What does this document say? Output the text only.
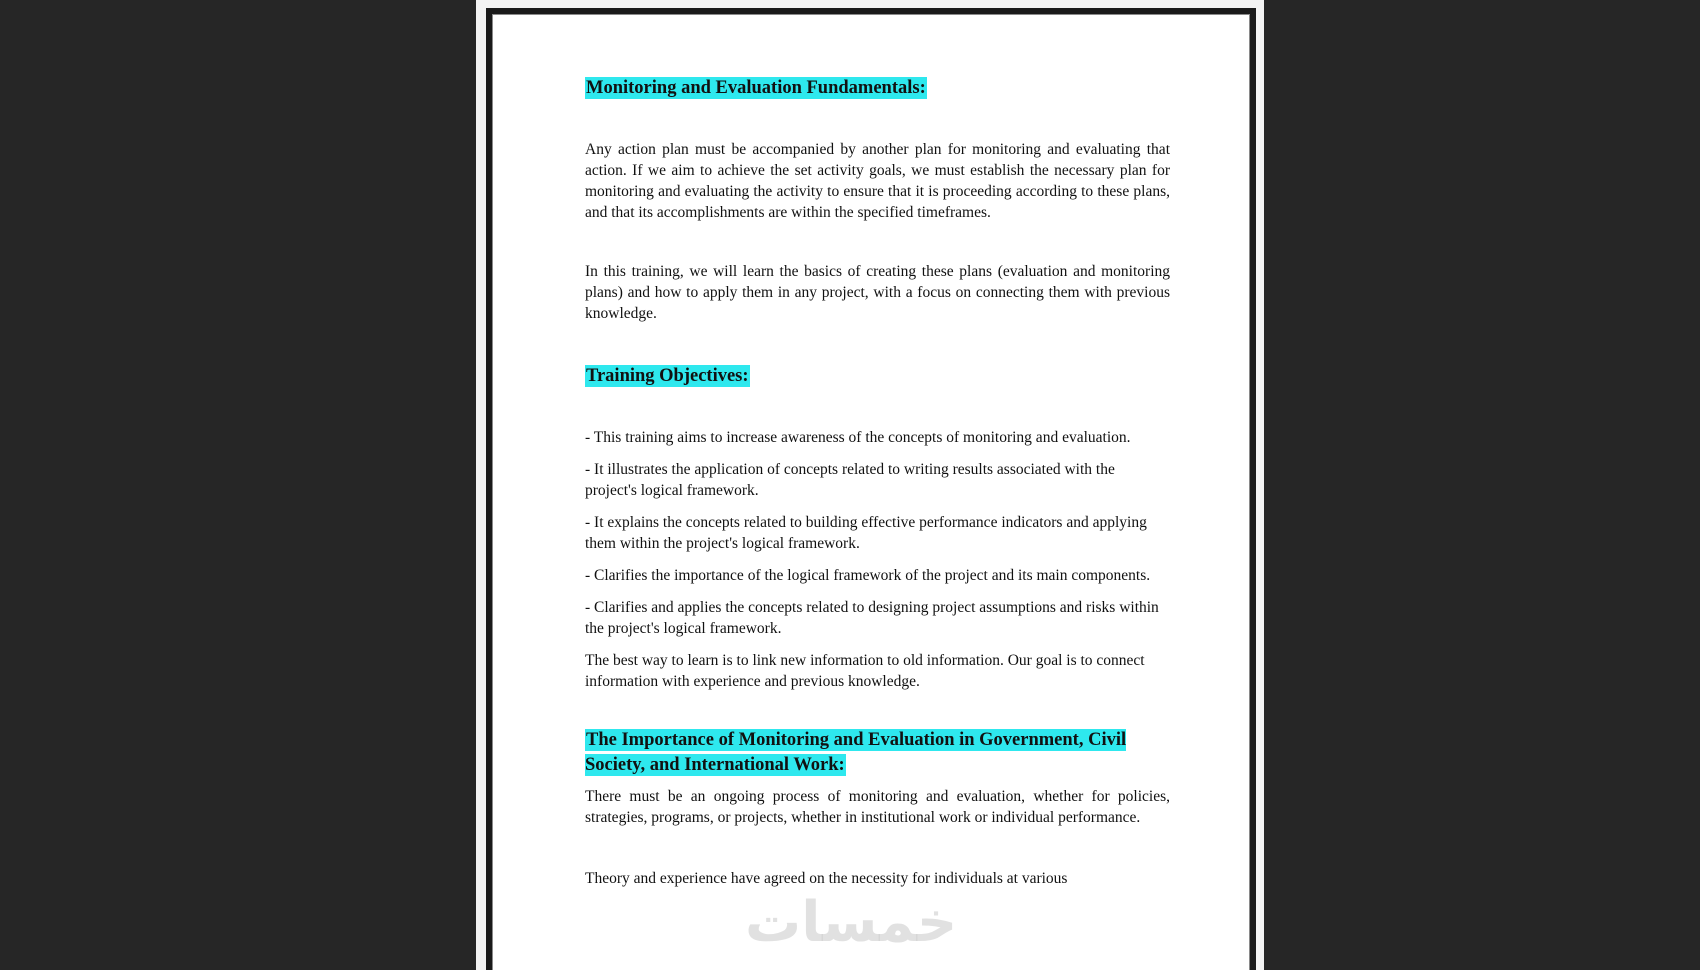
Monitoring and Evaluation Fundamentals:

Any action plan must be accompanied by another plan for monitoring and evaluating that action. If we aim to achieve the set activity goals, we must establish the necessary plan for monitoring and evaluating the activity to ensure that it is proceeding according to these plans, and that its accomplishments are within the specified timeframes.

In this training, we will learn the basics of creating these plans (evaluation and monitoring plans) and how to apply them in any project, with a focus on connecting them with previous knowledge.

Training Objectives:

- This training aims to increase awareness of the concepts of monitoring and evaluation.

- It illustrates the application of concepts related to writing results associated with the project's logical framework.

- It explains the concepts related to building effective performance indicators and applying them within the project's logical framework.

- Clarifies the importance of the logical framework of the project and its main components.

- Clarifies and applies the concepts related to designing project assumptions and risks within the project's logical framework.

The best way to learn is to link new information to old information. Our goal is to connect information with experience and previous knowledge.

The Importance of Monitoring and Evaluation in Government, Civil Society, and International Work:

There must be an ongoing process of monitoring and evaluation, whether for policies, strategies, programs, or projects, whether in institutional work or individual performance.

Theory and experience have agreed on the necessity for individuals at various

خمسات
